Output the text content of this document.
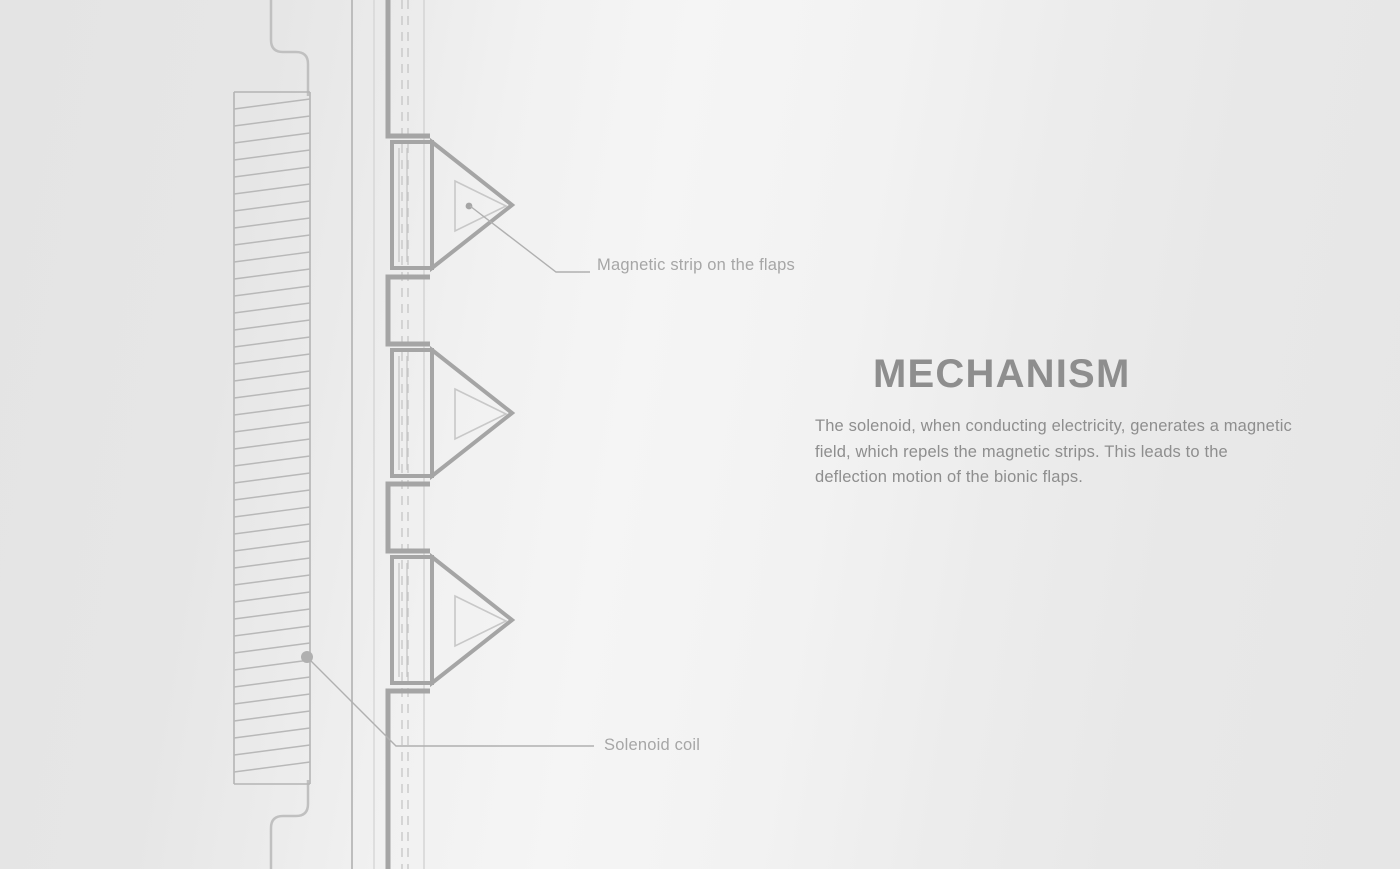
Magnetic strip on the flaps
Solenoid coil
MECHANISM

The solenoid, when conducting electricity, generates a magnetic field, which repels the magnetic strips. This leads to the deflection motion of the bionic flaps.
